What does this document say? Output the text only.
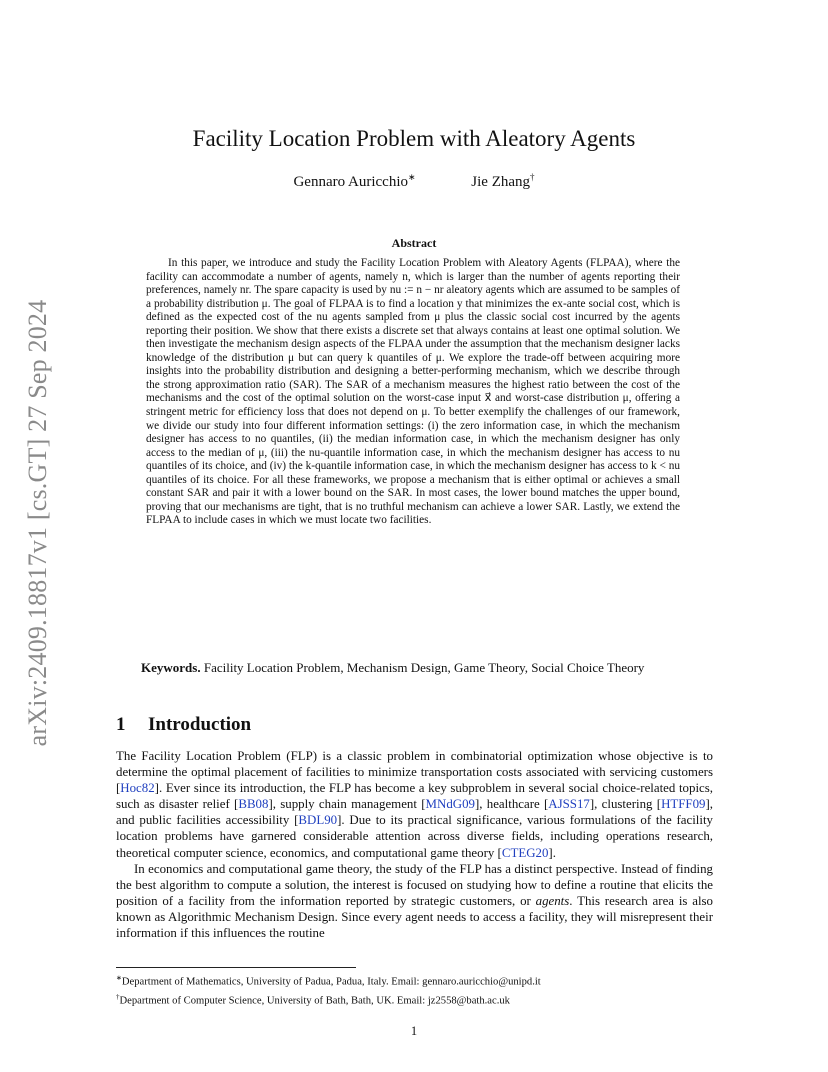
arXiv:2409.18817v1 [cs.GT] 27 Sep 2024
Facility Location Problem with Aleatory Agents
Gennaro Auricchio∗	Jie Zhang†
Abstract
In this paper, we introduce and study the Facility Location Problem with Aleatory Agents (FLPAA), where the facility can accommodate a number of agents, namely n, which is larger than the number of agents reporting their preferences, namely nr. The spare capacity is used by nu := n − nr aleatory agents which are assumed to be samples of a probability distribution μ. The goal of FLPAA is to find a location y that minimizes the ex-ante social cost, which is defined as the expected cost of the nu agents sampled from μ plus the classic social cost incurred by the agents reporting their position. We show that there exists a discrete set that always contains at least one optimal solution. We then investigate the mechanism design aspects of the FLPAA under the assumption that the mechanism designer lacks knowledge of the distribution μ but can query k quantiles of μ. We explore the trade-off between acquiring more insights into the probability distribution and designing a better-performing mechanism, which we describe through the strong approximation ratio (SAR). The SAR of a mechanism measures the highest ratio between the cost of the mechanisms and the cost of the optimal solution on the worst-case input x⃗ and worst-case distribution μ, offering a stringent metric for efficiency loss that does not depend on μ. To better exemplify the challenges of our framework, we divide our study into four different information settings: (i) the zero information case, in which the mechanism designer has access to no quantiles, (ii) the median information case, in which the mechanism designer has only access to the median of μ, (iii) the nu-quantile information case, in which the mechanism designer has access to nu quantiles of its choice, and (iv) the k-quantile information case, in which the mechanism designer has access to k < nu quantiles of its choice. For all these frameworks, we propose a mechanism that is either optimal or achieves a small constant SAR and pair it with a lower bound on the SAR. In most cases, the lower bound matches the upper bound, proving that our mechanisms are tight, that is no truthful mechanism can achieve a lower SAR. Lastly, we extend the FLPAA to include cases in which we must locate two facilities.
Keywords. Facility Location Problem, Mechanism Design, Game Theory, Social Choice Theory
1 Introduction

The Facility Location Problem (FLP) is a classic problem in combinatorial optimization whose objective is to determine the optimal placement of facilities to minimize transportation costs associated with servicing customers [Hoc82]. Ever since its introduction, the FLP has become a key subproblem in several social choice-related topics, such as disaster relief [BB08], supply chain management [MNdG09], healthcare [AJSS17], clustering [HTFF09], and public facilities accessibility [BDL90]. Due to its practical significance, various formulations of the facility location problems have garnered considerable attention across diverse fields, including operations research, theoretical computer science, economics, and computational game theory [CTEG20].

In economics and computational game theory, the study of the FLP has a distinct perspective. Instead of finding the best algorithm to compute a solution, the interest is focused on studying how to define a routine that elicits the position of a facility from the information reported by strategic customers, or agents. This research area is also known as Algorithmic Mechanism Design. Since every agent needs to access a facility, they will misrepresent their information if this influences the routine

∗Department of Mathematics, University of Padua, Padua, Italy. Email: gennaro.auricchio@unipd.it
†Department of Computer Science, University of Bath, Bath, UK. Email: jz2558@bath.ac.uk
1
